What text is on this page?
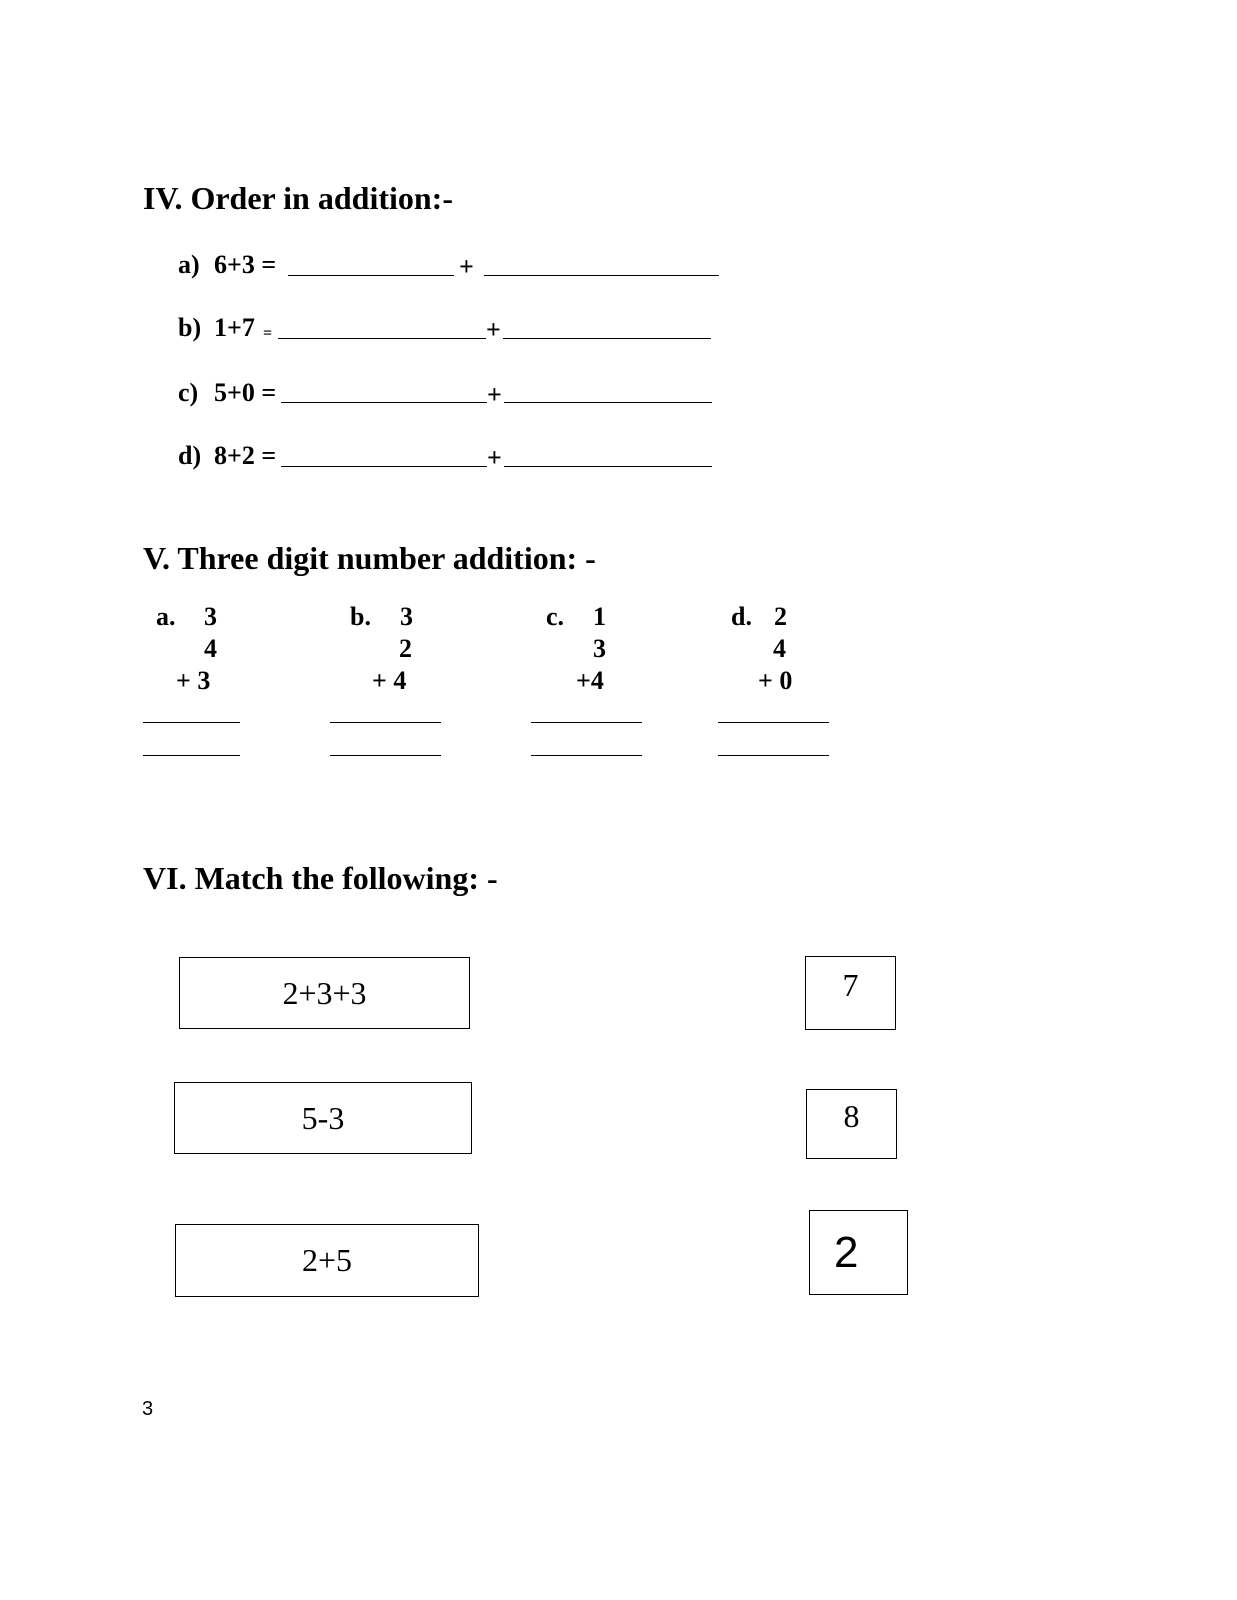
IV. Order in addition:-
a) 6+3 =	+
b) 1+7 =	+
c) 5+0 =	+
d) 8+2 =	+
V. Three digit number addition: -
a. 3
4
+ 3
b. 3
2
+ 4
c. 1
3
+4
d. 2
4
+ 0
VI. Match the following: -
2+3+3
5-3
2+5
7
8
2
3
